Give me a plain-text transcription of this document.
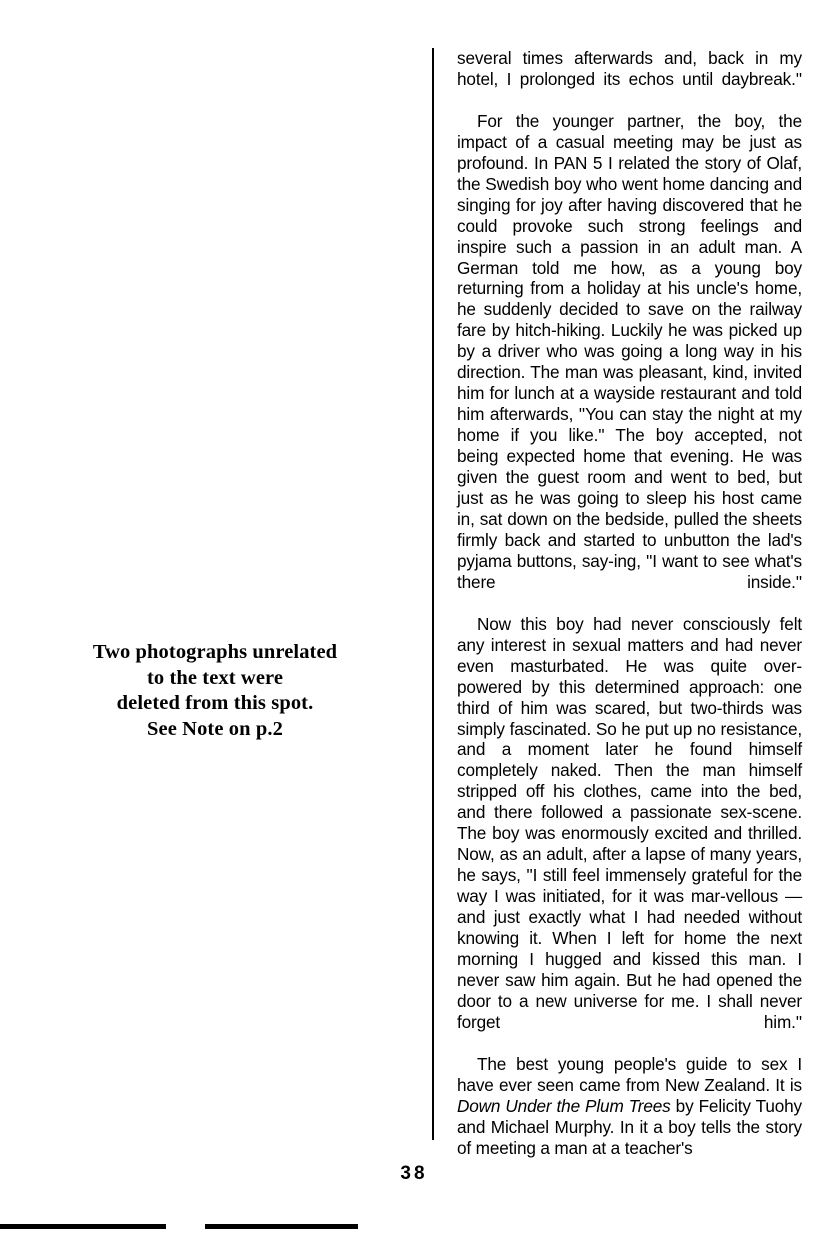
Two photographs unrelated
to the text were
deleted from this spot.
See Note on p.2

several times afterwards and, back in my hotel, I prolonged its echos until daybreak.''

For the younger partner, the boy, the impact of a casual meeting may be just as profound. In PAN 5 I related the story of Olaf, the Swedish boy who went home dancing and singing for joy after having discovered that he could provoke such strong feelings and inspire such a passion in an adult man. A German told me how, as a young boy returning from a holiday at his uncle's home, he suddenly decided to save on the railway fare by hitch-hiking. Luckily he was picked up by a driver who was going a long way in his direction. The man was pleasant, kind, invited him for lunch at a wayside restaurant and told him afterwards, ''You can stay the night at my home if you like.'' The boy accepted, not being expected home that evening. He was given the guest room and went to bed, but just as he was going to sleep his host came in, sat down on the bedside, pulled the sheets firmly back and started to unbutton the lad's pyjama buttons, say-ing, ''I want to see what's there inside.''

Now this boy had never consciously felt any interest in sexual matters and had never even masturbated. He was quite over-powered by this determined approach: one third of him was scared, but two-thirds was simply fascinated. So he put up no resistance, and a moment later he found himself completely naked. Then the man himself stripped off his clothes, came into the bed, and there followed a passionate sex-scene. The boy was enormously excited and thrilled. Now, as an adult, after a lapse of many years, he says, ''I still feel immensely grateful for the way I was initiated, for it was mar-vellous — and just exactly what I had needed without knowing it. When I left for home the next morning I hugged and kissed this man. I never saw him again. But he had opened the door to a new universe for me. I shall never forget him.''

The best young people's guide to sex I have ever seen came from New Zealand. It is Down Under the Plum Trees by Felicity Tuohy and Michael Murphy. In it a boy tells the story of meeting a man at a teacher's

38
